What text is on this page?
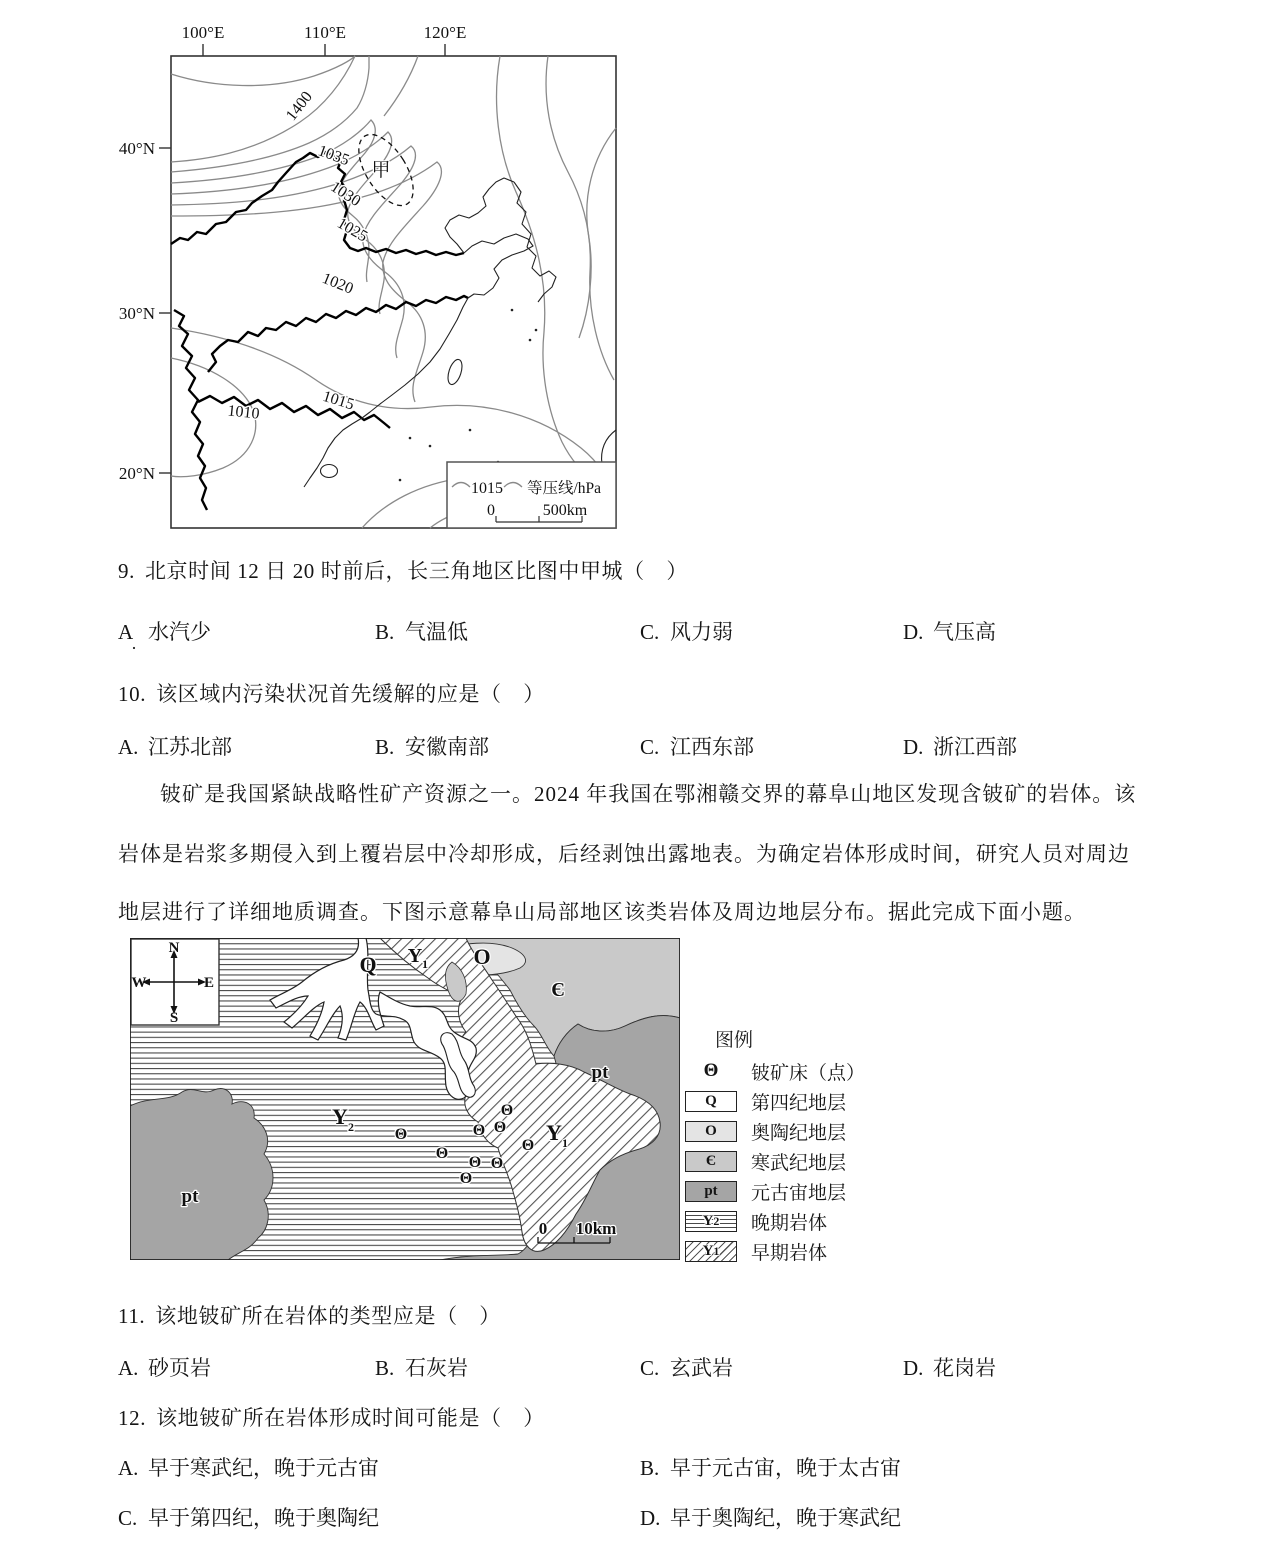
100°E	110°E	120°E
40°N
30°N
20°N
甲
1400
1035
1030
1025
1020
1015
1010
1015 等压线/hPa
0	500km
9. 北京时间 12 日 20 时前后，长三角地区比图中甲城（　）
A 水汽少	B. 气温低	C. 风力弱	D. 气压高
·
10. 该区域内污染状况首先缓解的应是（　）
A. 江苏北部	B. 安徽南部	C. 江西东部	D. 浙江西部
铍矿是我国紧缺战略性矿产资源之一。2024 年我国在鄂湘赣交界的幕阜山地区发现含铍矿的岩体。该
岩体是岩浆多期侵入到上覆岩层中冷却形成，后经剥蚀出露地表。为确定岩体形成时间，研究人员对周边
地层进行了详细地质调查。下图示意幕阜山局部地区该类岩体及周边地层分布。据此完成下面小题。
Θ
Θ Θ
Θ
Θ
Θ
Θ Θ
Θ
Q Y 1 O
Є
pt
Y 2	Y 1
pt
N
S
W	E
0 10km
图例
Θ	铍矿床（点）
Q	第四纪地层
O	奥陶纪地层
Є	寒武纪地层
pt	元古宙地层
Y 2 晚期岩体
Y 1 早期岩体
11. 该地铍矿所在岩体的类型应是（　）
A. 砂页岩	B. 石灰岩	C. 玄武岩	D. 花岗岩
12. 该地铍矿所在岩体形成时间可能是（　）
A. 早于寒武纪，晚于元古宙	B. 早于元古宙，晚于太古宙
C. 早于第四纪，晚于奥陶纪	D. 早于奥陶纪，晚于寒武纪
